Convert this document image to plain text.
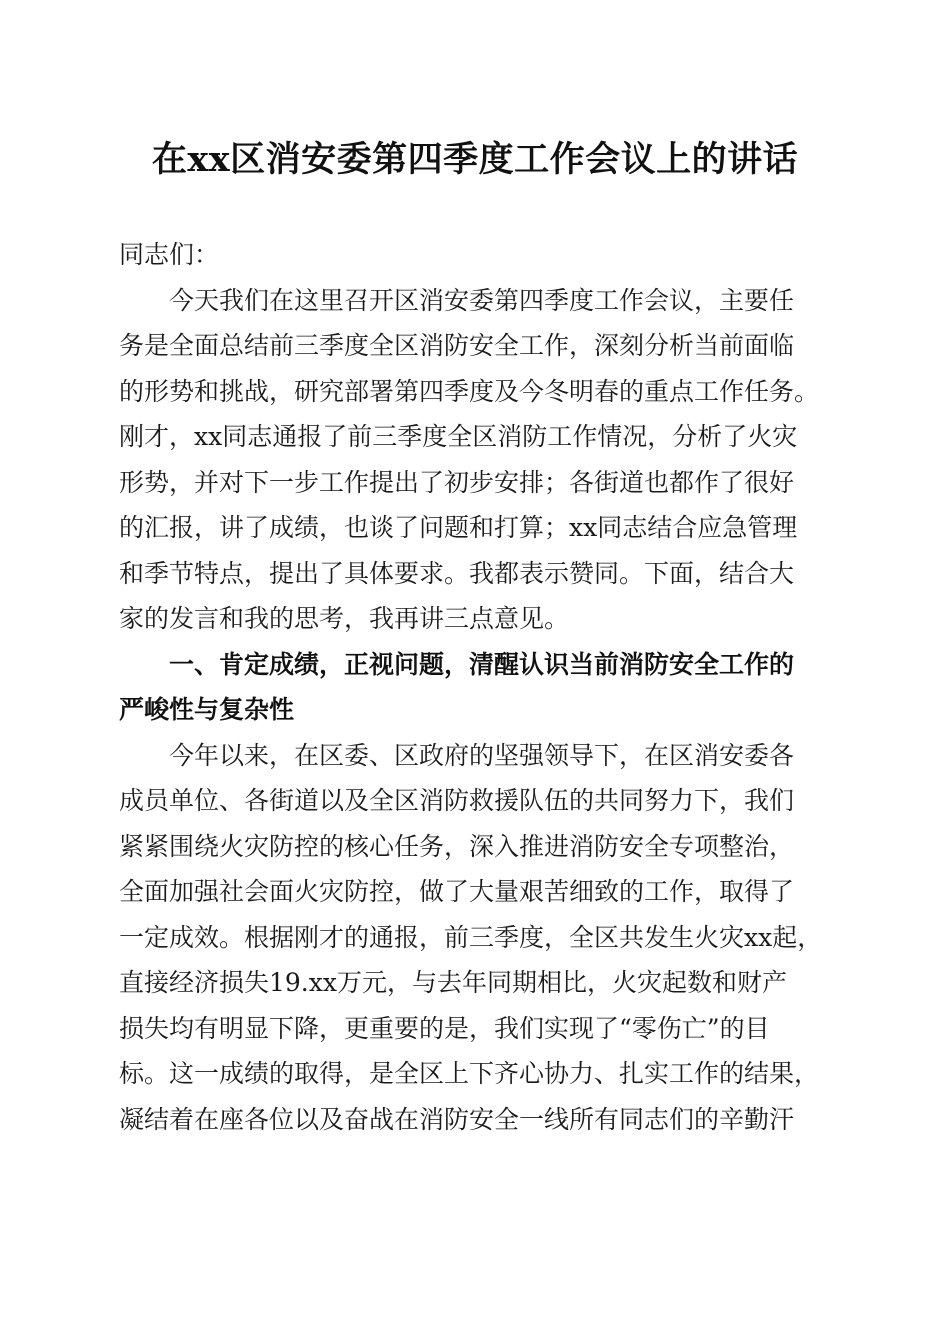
在xx区消安委第四季度工作会议上的讲话
同志们：
今天我们在这里召开区消安委第四季度工作会议，主要任
务是全面总结前三季度全区消防安全工作，深刻分析当前面临
的形势和挑战，研究部署第四季度及今冬明春的重点工作任务。
刚才，xx同志通报了前三季度全区消防工作情况，分析了火灾
形势，并对下一步工作提出了初步安排；各街道也都作了很好
的汇报，讲了成绩，也谈了问题和打算；xx同志结合应急管理
和季节特点，提出了具体要求。我都表示赞同。下面，结合大
家的发言和我的思考，我再讲三点意见。
一、肯定成绩，正视问题，清醒认识当前消防安全工作的
严峻性与复杂性
今年以来，在区委、区政府的坚强领导下，在区消安委各
成员单位、各街道以及全区消防救援队伍的共同努力下，我们
紧紧围绕火灾防控的核心任务，深入推进消防安全专项整治，
全面加强社会面火灾防控，做了大量艰苦细致的工作，取得了
一定成效。根据刚才的通报，前三季度，全区共发生火灾xx起，
直接经济损失19.xx万元，与去年同期相比，火灾起数和财产
损失均有明显下降，更重要的是，我们实现了“零伤亡”的目
标。这一成绩的取得，是全区上下齐心协力、扎实工作的结果，
凝结着在座各位以及奋战在消防安全一线所有同志们的辛勤汗
